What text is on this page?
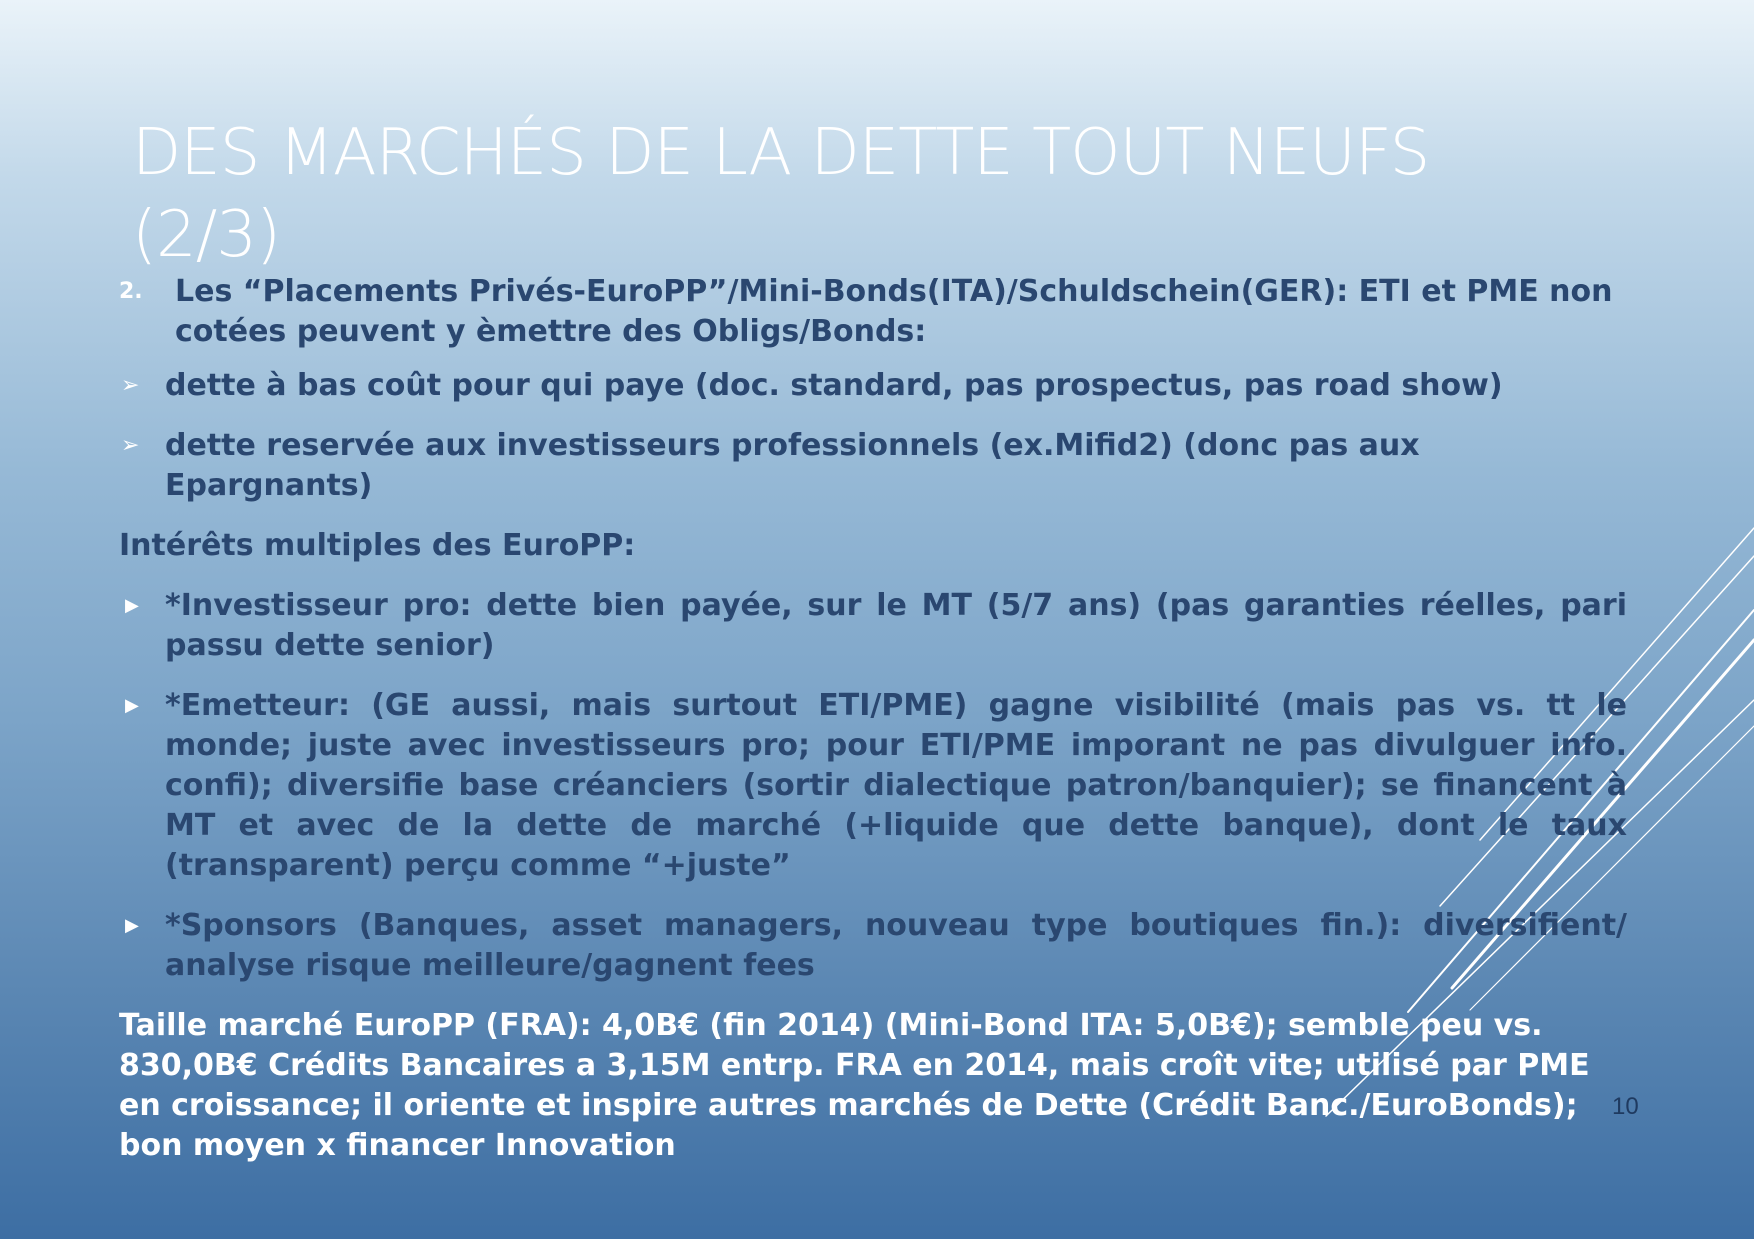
DES MARCHÉS DE LA DETTE TOUT NEUFS (2/3)
2. Les “Placements Privés-EuroPP”/Mini-Bonds(ITA)/Schuldschein(GER): ETI et PME non cotées peuvent y èmettre des Obligs/Bonds:
➢ dette à bas coût pour qui paye (doc. standard, pas prospectus, pas road show)
➢ dette reservée aux investisseurs professionnels (ex.Mifid2) (donc pas aux Epargnants)
Intérêts multiples des EuroPP:
▶ *Investisseur pro: dette bien payée, sur le MT (5/7 ans) (pas garanties réelles, pari passu dette senior)
▶ *Emetteur: (GE aussi, mais surtout ETI/PME) gagne visibilité (mais pas vs. tt le monde; juste avec investisseurs pro; pour ETI/PME imporant ne pas divulguer info. confi); diversifie base créanciers (sortir dialectique patron/banquier); se financent à MT et avec de la dette de marché (+liquide que dette banque), dont le taux (transparent) perçu comme “+juste”
▶ *Sponsors (Banques, asset managers, nouveau type boutiques fin.): diversifient/ analyse risque meilleure/gagnent fees

Taille marché EuroPP (FRA): 4,0B€ (fin 2014) (Mini-Bond ITA: 5,0B€); semble peu vs. 830,0B€ Crédits Bancaires a 3,15M entrp. FRA en 2014, mais croît vite; utilisé par PME en croissance; il oriente et inspire autres marchés de Dette (Crédit Banc./EuroBonds); bon moyen x financer Innovation

10
